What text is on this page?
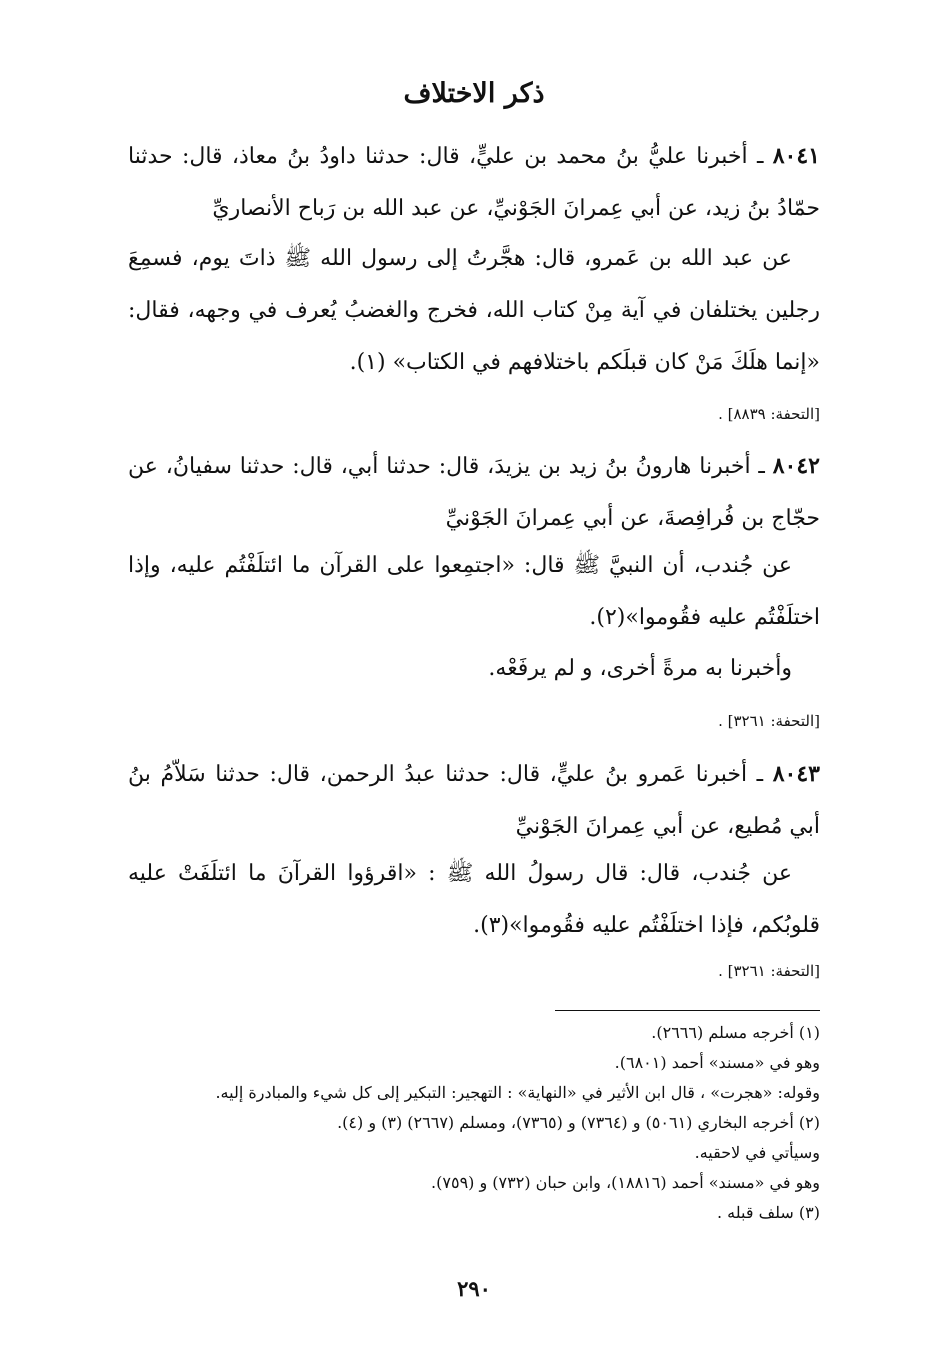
ذكر الاختلاف
٨٠٤١ ـ أخبرنا عليُّ بنُ محمد بن عليٍّ، قال: حدثنا داودُ بنُ معاذ، قال: حدثنا حمّادُ بنُ زيد، عن أبي عِمرانَ الجَوْنيِّ، عن عبد الله بن رَباح الأنصاريِّ
عن عبد الله بن عَمرو، قال: هجَّرتُ إلى رسول الله ﷺ ذاتَ يوم، فسمِعَ رجلين يختلفان في آية مِنْ كتاب الله، فخرج والغضبُ يُعرف في وجهه، فقال: «إنما هلَكَ مَنْ كان قبلَكم باختلافهم في الكتاب» (١).
[التحفة: ٨٨٣٩] .
٨٠٤٢ ـ أخبرنا هارونُ بنُ زيد بن يزيدَ، قال: حدثنا أبي، قال: حدثنا سفيانُ، عن حجّاج بن فُرافِصةَ، عن أبي عِمرانَ الجَوْنيِّ
عن جُندب، أن النبيَّ ﷺ قال: «اجتمِعوا على القرآن ما ائتلَفْتُم عليه، وإذا اختلَفْتُم عليه فقُوموا»(٢).
وأخبرنا به مرةً أخرى، و لم يرفَعْه.
[التحفة: ٣٢٦١] .
٨٠٤٣ ـ أخبرنا عَمرو بنُ عليٍّ، قال: حدثنا عبدُ الرحمن، قال: حدثنا سَلاّمُ بنُ أبي مُطيع، عن أبي عِمرانَ الجَوْنيِّ
عن جُندب، قال: قال رسولُ الله ﷺ : «اقرؤوا القرآنَ ما ائتلَفَتْ عليه قلوبُكم، فإذا اختلَفْتُم عليه فقُوموا»(٣).
[التحفة: ٣٢٦١] .
(١) أخرجه مسلم (٢٦٦٦).
وهو في «مسند» أحمد (٦٨٠١).
وقوله: «هجرت» ، قال ابن الأثير في «النهاية» : التهجير: التبكير إلى كل شيء والمبادرة إليه.
(٢) أخرجه البخاري (٥٠٦١) و (٧٣٦٤) و (٧٣٦٥)، ومسلم (٢٦٦٧) (٣) و (٤).
وسيأتي في لاحقيه.
وهو في «مسند» أحمد (١٨٨١٦)، وابن حبان (٧٣٢) و (٧٥٩).
(٣) سلف قبله .
٢٩٠
